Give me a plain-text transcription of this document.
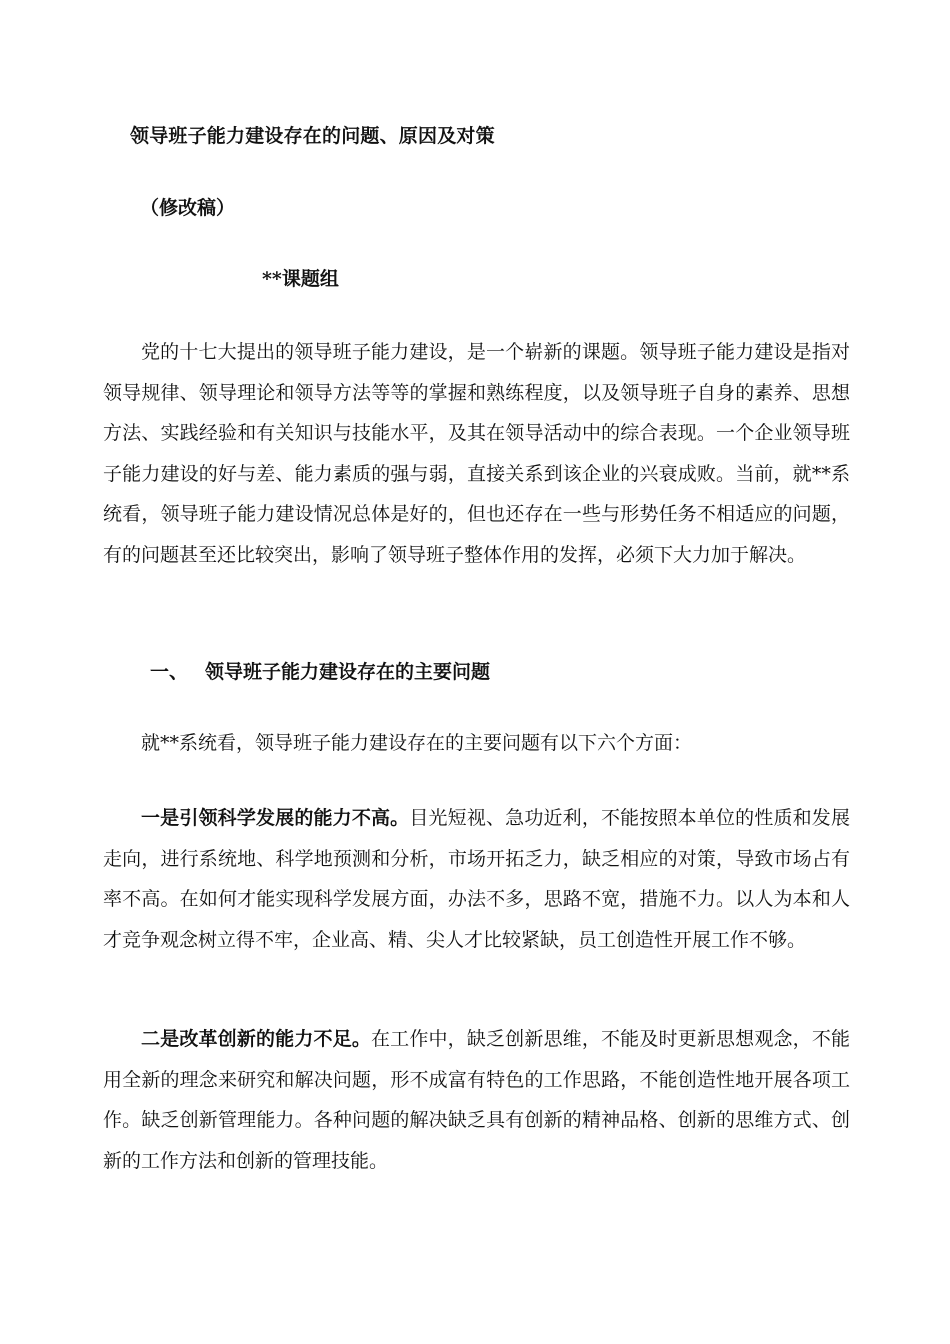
领导班子能力建设存在的问题、原因及对策
（修改稿）
**课题组

党的十七大提出的领导班子能力建设，是一个崭新的课题。领导班子能力建设是指对领导规律、领导理论和领导方法等等的掌握和熟练程度，以及领导班子自身的素养、思想方法、实践经验和有关知识与技能水平，及其在领导活动中的综合表现。一个企业领导班子能力建设的好与差、能力素质的强与弱，直接关系到该企业的兴衰成败。当前，就**系统看，领导班子能力建设情况总体是好的，但也还存在一些与形势任务不相适应的问题，有的问题甚至还比较突出，影响了领导班子整体作用的发挥，必须下大力加于解决。

一、 领导班子能力建设存在的主要问题
就**系统看，领导班子能力建设存在的主要问题有以下六个方面：

一是引领科学发展的能力不高。目光短视、急功近利，不能按照本单位的性质和发展走向，进行系统地、科学地预测和分析，市场开拓乏力，缺乏相应的对策，导致市场占有率不高。在如何才能实现科学发展方面，办法不多，思路不宽，措施不力。以人为本和人才竞争观念树立得不牢，企业高、精、尖人才比较紧缺，员工创造性开展工作不够。

二是改革创新的能力不足。在工作中，缺乏创新思维，不能及时更新思想观念，不能用全新的理念来研究和解决问题，形不成富有特色的工作思路，不能创造性地开展各项工作。缺乏创新管理能力。各种问题的解决缺乏具有创新的精神品格、创新的思维方式、创新的工作方法和创新的管理技能。
